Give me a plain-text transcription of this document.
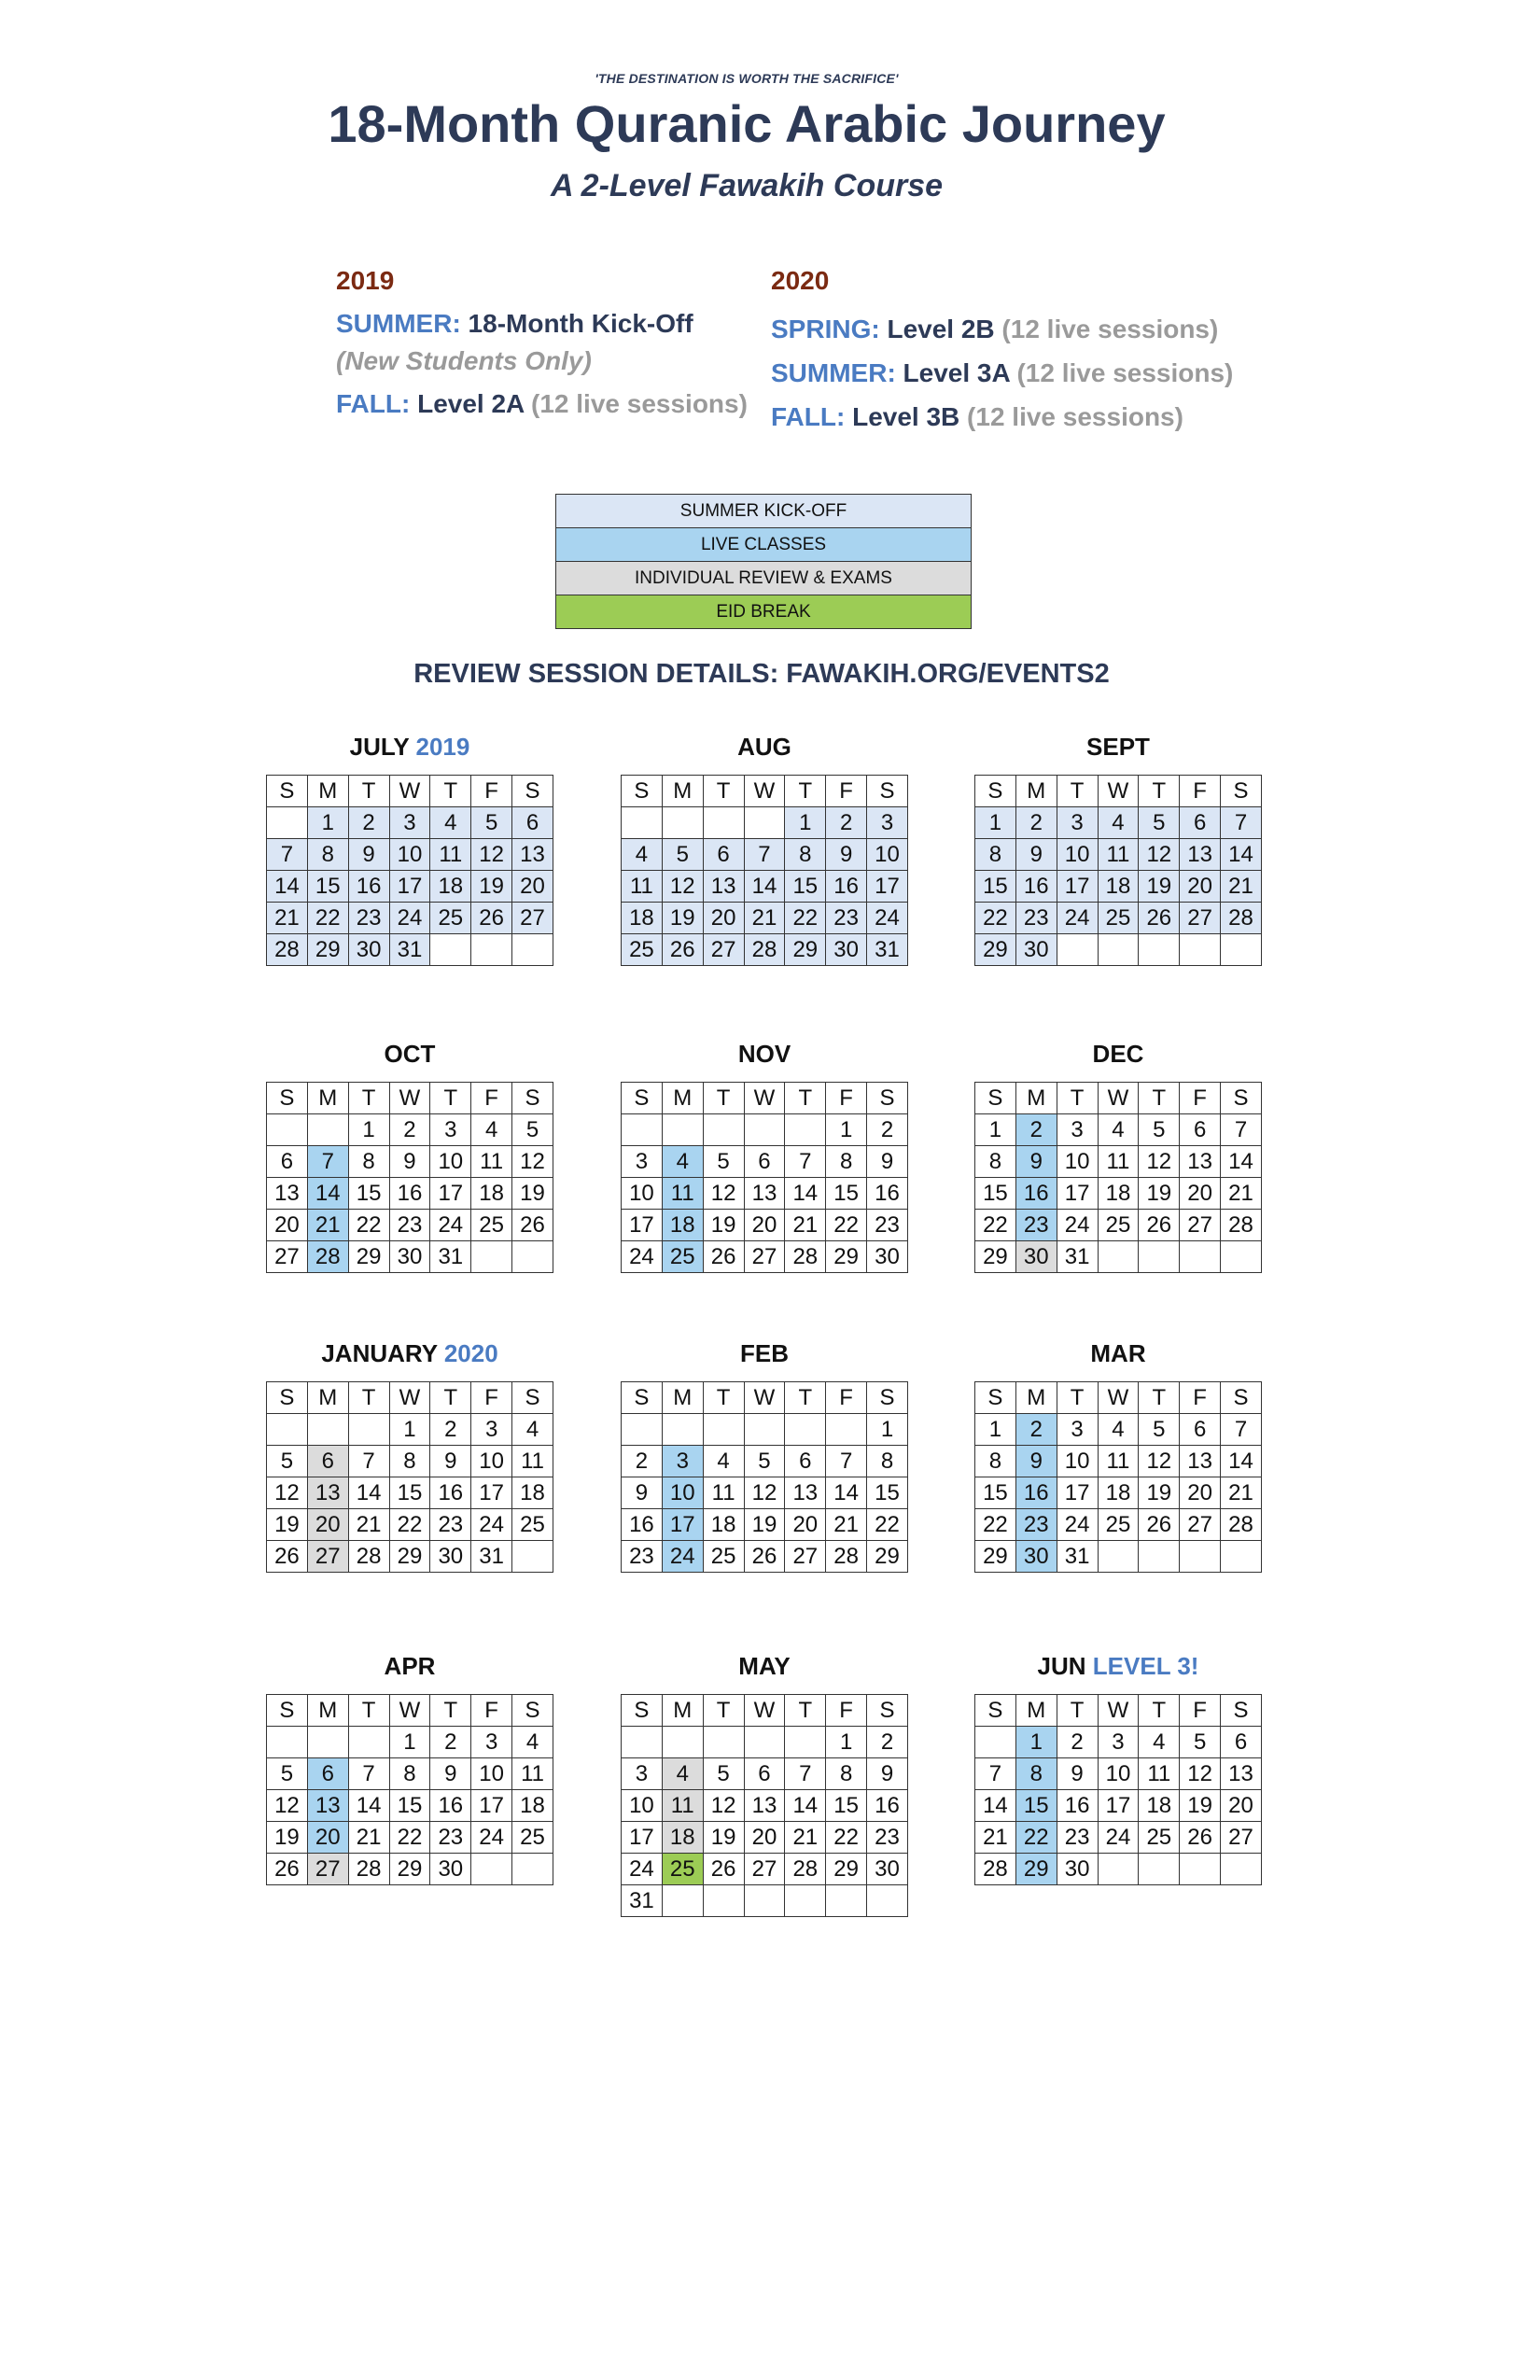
'THE DESTINATION IS WORTH THE SACRIFICE'
18-Month Quranic Arabic Journey
A 2-Level Fawakih Course
2019
SUMMER: 18-Month Kick-Off
(New Students Only)
FALL: Level 2A (12 live sessions)
2020
SPRING: Level 2B (12 live sessions)
SUMMER: Level 3A (12 live sessions)
FALL: Level 3B (12 live sessions)
SUMMER KICK-OFF
LIVE CLASSES
INDIVIDUAL REVIEW & EXAMS
EID BREAK
REVIEW SESSION DETAILS: FAWAKIH.ORG/EVENTS2
JULY 2019
S	M	T	W	T	F	S
	1	2	3	4	5	6
7	8	9	10	11	12	13
14	15	16	17	18	19	20
21	22	23	24	25	26	27
28	29	30	31			
AUG
S	M	T	W	T	F	S
				1	2	3
4	5	6	7	8	9	10
11	12	13	14	15	16	17
18	19	20	21	22	23	24
25	26	27	28	29	30	31
SEPT
S	M	T	W	T	F	S
1	2	3	4	5	6	7
8	9	10	11	12	13	14
15	16	17	18	19	20	21
22	23	24	25	26	27	28
29	30					
OCT
S	M	T	W	T	F	S
		1	2	3	4	5
6	7	8	9	10	11	12
13	14	15	16	17	18	19
20	21	22	23	24	25	26
27	28	29	30	31		
NOV
S	M	T	W	T	F	S
					1	2
3	4	5	6	7	8	9
10	11	12	13	14	15	16
17	18	19	20	21	22	23
24	25	26	27	28	29	30
DEC
S	M	T	W	T	F	S
1	2	3	4	5	6	7
8	9	10	11	12	13	14
15	16	17	18	19	20	21
22	23	24	25	26	27	28
29	30	31				
JANUARY 2020
S	M	T	W	T	F	S
			1	2	3	4
5	6	7	8	9	10	11
12	13	14	15	16	17	18
19	20	21	22	23	24	25
26	27	28	29	30	31	
FEB
S	M	T	W	T	F	S
						1
2	3	4	5	6	7	8
9	10	11	12	13	14	15
16	17	18	19	20	21	22
23	24	25	26	27	28	29
MAR
S	M	T	W	T	F	S
1	2	3	4	5	6	7
8	9	10	11	12	13	14
15	16	17	18	19	20	21
22	23	24	25	26	27	28
29	30	31				
APR
S	M	T	W	T	F	S
			1	2	3	4
5	6	7	8	9	10	11
12	13	14	15	16	17	18
19	20	21	22	23	24	25
26	27	28	29	30		
MAY
S	M	T	W	T	F	S
					1	2
3	4	5	6	7	8	9
10	11	12	13	14	15	16
17	18	19	20	21	22	23
24	25	26	27	28	29	30
31						
JUN LEVEL 3!
S	M	T	W	T	F	S
	1	2	3	4	5	6
7	8	9	10	11	12	13
14	15	16	17	18	19	20
21	22	23	24	25	26	27
28	29	30				
